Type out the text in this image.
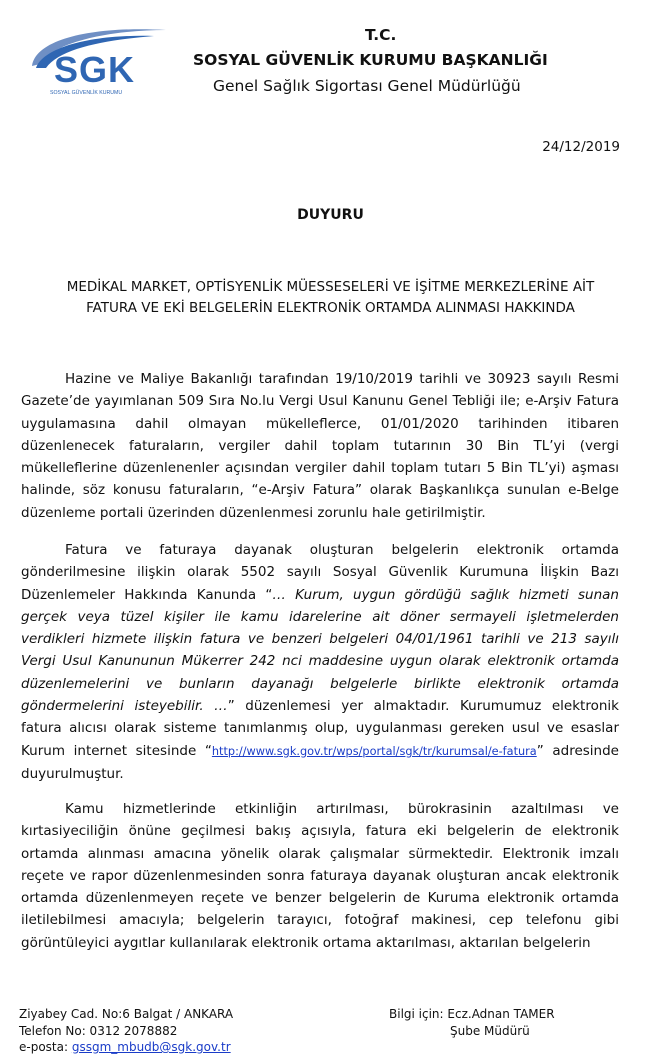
SGK
SOSYAL GÜVENLİK KURUMU
T.C.
SOSYAL GÜVENLİK KURUMU BAŞKANLIĞI
Genel Sağlık Sigortası Genel Müdürlüğü
24/12/2019
DUYURU
MEDİKAL MARKET, OPTİSYENLİK MÜESSESELERİ VE İŞİTME MERKEZLERİNE AİT
FATURA VE EKİ BELGELERİN ELEKTRONİK ORTAMDA ALINMASI HAKKINDA

Hazine ve Maliye Bakanlığı tarafından 19/10/2019 tarihli ve 30923 sayılı Resmi Gazete’de yayımlanan 509 Sıra No.lu Vergi Usul Kanunu Genel Tebliği ile; e-Arşiv Fatura uygulamasına dahil olmayan mükelleflerce, 01/01/2020 tarihinden itibaren düzenlenecek faturaların, vergiler dahil toplam tutarının 30 Bin TL’yi (vergi mükelleflerine düzenlenenler açısından vergiler dahil toplam tutarı 5 Bin TL’yi) aşması halinde, söz konusu faturaların, “e-Arşiv Fatura” olarak Başkanlıkça sunulan e-Belge düzenleme portali üzerinden düzenlenmesi zorunlu hale getirilmiştir.

Fatura ve faturaya dayanak oluşturan belgelerin elektronik ortamda gönderilmesine ilişkin olarak 5502 sayılı Sosyal Güvenlik Kurumuna İlişkin Bazı Düzenlemeler Hakkında Kanunda “… Kurum, uygun gördüğü sağlık hizmeti sunan gerçek veya tüzel kişiler ile kamu idarelerine ait döner sermayeli işletmelerden verdikleri hizmete ilişkin fatura ve benzeri belgeleri 04/01/1961 tarihli ve 213 sayılı Vergi Usul Kanununun Mükerrer 242 nci maddesine uygun olarak elektronik ortamda düzenlemelerini ve bunların dayanağı belgelerle birlikte elektronik ortamda göndermelerini isteyebilir. …” düzenlemesi yer almaktadır. Kurumumuz elektronik fatura alıcısı olarak sisteme tanımlanmış olup, uygulanması gereken usul ve esaslar Kurum internet sitesinde “http://www.sgk.gov.tr/wps/portal/sgk/tr/kurumsal/e-fatura” adresinde duyurulmuştur.

Kamu hizmetlerinde etkinliğin artırılması, bürokrasinin azaltılması ve kırtasiyeciliğin önüne geçilmesi bakış açısıyla, fatura eki belgelerin de elektronik ortamda alınması amacına yönelik olarak çalışmalar sürmektedir. Elektronik imzalı reçete ve rapor düzenlenmesinden sonra faturaya dayanak oluşturan ancak elektronik ortamda düzenlenmeyen reçete ve benzer belgelerin de Kuruma elektronik ortamda iletilebilmesi amacıyla; belgelerin tarayıcı, fotoğraf makinesi, cep telefonu gibi görüntüleyici aygıtlar kullanılarak elektronik ortama aktarılması, aktarılan belgelerin

Ziyabey Cad. No:6 Balgat / ANKARA
Telefon No: 0312 2078882
e-posta: gssgm_mbudb@sgk.gov.tr
Bilgi için: Ecz.Adnan TAMER
Şube Müdürü
